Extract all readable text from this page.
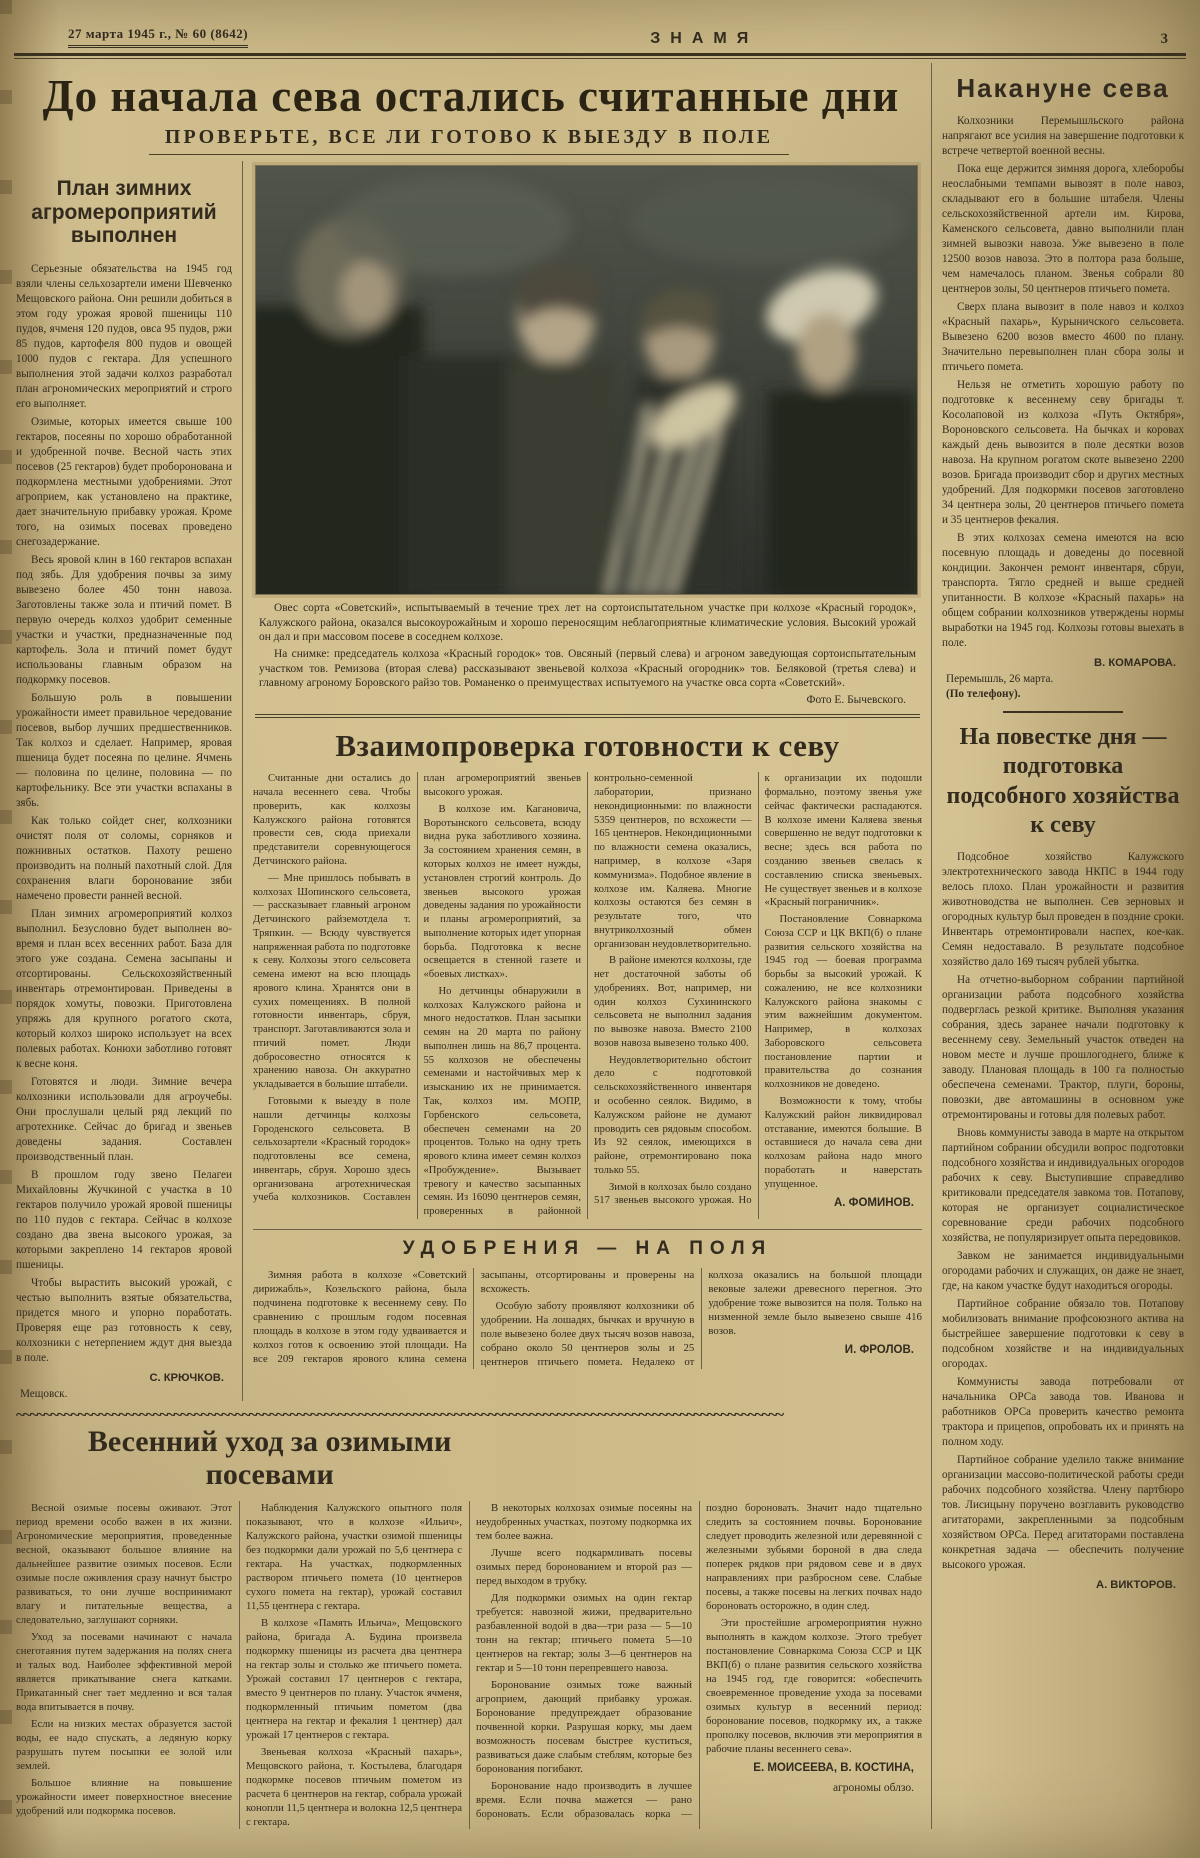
27 марта 1945 г., № 60 (8642)	ЗНАМЯ	3
До начала сева остались считанные дни
ПРОВЕРЬТЕ, ВСЕ ЛИ ГОТОВО К ВЫЕЗДУ В ПОЛЕ
План зимних агромероприятий выполнен

Серьезные обязательства на 1945 год взяли члены сельхозартели имени Шевченко Мещовского района. Они решили добиться в этом году урожая яровой пшеницы 110 пудов, ячменя 120 пудов, овса 95 пудов, ржи 85 пудов, картофеля 800 пудов и овощей 1000 пудов с гектара. Для успешного выполнения этой задачи колхоз разработал план агрономических мероприятий и строго его выполняет.

Озимые, которых имеется свыше 100 гектаров, посеяны по хорошо обработанной и удобренной почве. Весной часть этих посевов (25 гектаров) будет проборонована и подкормлена местными удобрениями. Этот агроприем, как установлено на практике, дает значительную прибавку урожая. Кроме того, на озимых посевах проведено снегозадержание.

Весь яровой клин в 160 гектаров вспахан под зябь. Для удобрения почвы за зиму вывезено более 450 тонн навоза. Заготовлены также зола и птичий помет. В первую очередь колхоз удобрит семенные участки и участки, предназначенные под картофель. Зола и птичий помет будут использованы главным образом на подкормку посевов.

Большую роль в повышении урожайности имеет правильное чередование посевов, выбор лучших предшественников. Так колхоз и сделает. Например, яровая пшеница будет посеяна по целине. Ячмень — половина по целине, половина — по картофельнику. Все эти участки вспаханы в зябь.

Как только сойдет снег, колхозники очистят поля от соломы, сорняков и пожнивных остатков. Пахоту решено производить на полный пахотный слой. Для сохранения влаги боронование зяби намечено провести ранней весной.

План зимних агромероприятий колхоз выполнил. Безусловно будет выполнен во-время и план всех весенних работ. База для этого уже создана. Семена засыпаны и отсортированы. Сельскохозяйственный инвентарь отремонтирован. Приведены в порядок хомуты, повозки. Приготовлена упряжь для крупного рогатого скота, который колхоз широко использует на всех полевых работах. Конюхи заботливо готовят к весне коня.

Готовятся и люди. Зимние вечера колхозники использовали для агроучебы. Они прослушали целый ряд лекций по агротехнике. Сейчас до бригад и звеньев доведены задания. Составлен производственный план.

В прошлом году звено Пелагеи Михайловны Жучкиной с участка в 10 гектаров получило урожай яровой пшеницы по 110 пудов с гектара. Сейчас в колхозе создано два звена высокого урожая, за которыми закреплено 14 гектаров яровой пшеницы.

Чтобы вырастить высокий урожай, с честью выполнить взятые обязательства, придется много и упорно поработать. Проверяя еще раз готовность к севу, колхозники с нетерпением ждут дня выезда в поле.

С. КРЮЧКОВ.

Мещовск.

Овес сорта «Советский», испытываемый в течение трех лет на сортоиспытательном участке при колхозе «Красный городок», Калужского района, оказался высокоурожайным и хорошо переносящим неблагоприятные климатические условия. Высокий урожай он дал и при массовом посеве в соседнем колхозе.

На снимке: председатель колхоза «Красный городок» тов. Овсяный (первый слева) и агроном заведующая сортоиспытательным участком тов. Ремизова (вторая слева) рассказывают звеньевой колхоза «Красный огородник» тов. Беляковой (третья слева) и главному агроному Боровского райзо тов. Романенко о преимуществах испытуемого на участке овса сорта «Советский».

Фото Е. Бычевского.

Взаимопроверка готовности к севу

Считанные дни остались до начала весеннего сева. Чтобы проверить, как колхозы Калужского района готовятся провести сев, сюда приехали представители соревнующегося Детчинского района.

— Мне пришлось побывать в колхозах Шопинского сельсовета, — рассказывает главный агроном Детчинского райземотдела т. Тряпкин. — Всюду чувствуется напряженная работа по подготовке к севу. Колхозы этого сельсовета семена имеют на всю площадь ярового клина. Хранятся они в сухих помещениях. В полной готовности инвентарь, сбруя, транспорт. Заготавливаются зола и птичий помет. Люди добросовестно относятся к хранению навоза. Он аккуратно укладывается в большие штабели.

Готовыми к выезду в поле нашли детчинцы колхозы Городенского сельсовета. В сельхозартели «Красный городок» подготовлены все семена, инвентарь, сбруя. Хорошо здесь организована агротехническая учеба колхозников. Составлен план агромероприятий звеньев высокого урожая.

В колхозе им. Кагановича, Воротынского сельсовета, всюду видна рука заботливого хозяина. За состоянием хранения семян, в которых колхоз не имеет нужды, установлен строгий контроль. До звеньев высокого урожая доведены задания по урожайности и планы агромероприятий, за выполнение которых идет упорная борьба. Подготовка к весне освещается в стенной газете и «боевых листках».

Но детчинцы обнаружили в колхозах Калужского района и много недостатков. План засыпки семян на 20 марта по району выполнен лишь на 86,7 процента. 55 колхозов не обеспечены семенами и настойчивых мер к изысканию их не принимается. Так, колхоз им. МОПР, Горбенского сельсовета, обеспечен семенами на 20 процентов. Только на одну треть ярового клина имеет семян колхоз «Пробуждение». Вызывает тревогу и качество засыпанных семян. Из 16090 центнеров семян, проверенных в районной контрольно-семенной лаборатории, признано некондиционными: по влажности 5359 центнеров, по всхожести — 165 центнеров. Некондиционными по влажности семена оказались, например, в колхозе «Заря коммунизма». Подобное явление в колхозе им. Каляева. Многие колхозы остаются без семян в результате того, что внутриколхозный обмен организован неудовлетворительно.

В районе имеются колхозы, где нет достаточной заботы об удобрениях. Вот, например, ни один колхоз Сухининского сельсовета не выполнил задания по вывозке навоза. Вместо 2100 возов навоза вывезено только 400.

Неудовлетворительно обстоит дело с подготовкой сельскохозяйственного инвентаря и особенно сеялок. Видимо, в Калужском районе не думают проводить сев рядовым способом. Из 92 сеялок, имеющихся в районе, отремонтировано пока только 55.

Зимой в колхозах было создано 517 звеньев высокого урожая. Но к организации их подошли формально, поэтому звенья уже сейчас фактически распадаются. В колхозе имени Каляева звенья совершенно не ведут подготовки к весне; здесь вся работа по созданию звеньев свелась к составлению списка звеньевых. Не существует звеньев и в колхозе «Красный пограничник».

Постановление Совнаркома Союза ССР и ЦК ВКП(б) о плане развития сельского хозяйства на 1945 год — боевая программа борьбы за высокий урожай. К сожалению, не все колхозники Калужского района знакомы с этим важнейшим документом. Например, в колхозах Заборовского сельсовета постановление партии и правительства до сознания колхозников не доведено.

Возможности к тому, чтобы Калужский район ликвидировал отставание, имеются большие. В оставшиеся до начала сева дни колхозам района надо много поработать и наверстать упущенное.

А. ФОМИНОВ.

УДОБРЕНИЯ — НА ПОЛЯ

Зимняя работа в колхозе «Советский дирижабль», Козельского района, была подчинена подготовке к весеннему севу. По сравнению с прошлым годом посевная площадь в колхозе в этом году удваивается и колхоз готов к освоению этой площади. На все 209 гектаров ярового клина семена засыпаны, отсортированы и проверены на всхожесть.

Особую заботу проявляют колхозники об удобрении. На лошадях, бычках и вручную в поле вывезено более двух тысяч возов навоза, собрано около 50 центнеров золы и 25 центнеров птичьего помета. Недалеко от колхоза оказались на большой площади вековые залежи древесного перегноя. Это удобрение тоже вывозится на поля. Только на низменной земле было вывезено свыше 416 возов.

И. ФРОЛОВ.

~~~~~
Весенний уход за озимыми посевами

Весной озимые посевы оживают. Этот период времени особо важен в их жизни. Агрономические мероприятия, проведенные весной, оказывают большое влияние на дальнейшее развитие озимых посевов. Если озимые после оживления сразу начнут быстро развиваться, то они лучше воспринимают влагу и питательные вещества, а следовательно, заглушают сорняки.

Уход за посевами начинают с начала снеготаяния путем задержания на полях снега и талых вод. Наиболее эффективной мерой является прикатывание снега катками. Прикатанный снег тает медленно и вся талая вода впитывается в почву.

Если на низких местах образуется застой воды, ее надо спускать, а ледяную корку разрушать путем посыпки ее золой или землей.

Большое влияние на повышение урожайности имеет поверхностное внесение удобрений или подкормка посевов.

Наблюдения Калужского опытного поля показывают, что в колхозе «Ильич», Калужского района, участки озимой пшеницы без подкормки дали урожай по 5,6 центнера с гектара. На участках, подкормленных раствором птичьего помета (10 центнеров сухого помета на гектар), урожай составил 11,55 центнера с гектара.

В колхозе «Память Ильича», Мещовского района, бригада А. Будина произвела подкормку пшеницы из расчета два центнера на гектар золы и столько же птичьего помета. Урожай составил 17 центнеров с гектара, вместо 9 центнеров по плану. Участок ячменя, подкормленный птичьим пометом (два центнера на гектар и фекалия 1 центнер) дал урожай 17 центнеров с гектара.

Звеньевая колхоза «Красный пахарь», Мещовского района, т. Костылева, благодаря подкормке посевов птичьим пометом из расчета 6 центнеров на гектар, собрала урожай конопли 11,5 центнера и волокна 12,5 центнера с гектара.

В некоторых колхозах озимые посеяны на неудобренных участках, поэтому подкормка их тем более важна.

Лучше всего подкармливать посевы озимых перед боронованием и второй раз — перед выходом в трубку.

Для подкормки озимых на один гектар требуется: навозной жижи, предварительно разбавленной водой в два—три раза — 5—10 тонн на гектар; птичьего помета 5—10 центнеров на гектар; золы 3—6 центнеров на гектар и 5—10 тонн перепревшего навоза.

Боронование озимых тоже важный агроприем, дающий прибавку урожая. Боронование предупреждает образование почвенной корки. Разрушая корку, мы даем возможность посевам быстрее куститься, развиваться даже слабым стеблям, которые без боронования погибают.

Боронование надо производить в лучшее время. Если почва мажется — рано бороновать. Если образовалась корка — поздно бороновать. Значит надо тщательно следить за состоянием почвы. Боронование следует проводить железной или деревянной с железными зубьями бороной в два следа поперек рядков при рядовом севе и в двух направлениях при разбросном севе. Слабые посевы, а также посевы на легких почвах надо бороновать осторожно, в один след.

Эти простейшие агромероприятия нужно выполнять в каждом колхозе. Этого требует постановление Совнаркома Союза ССР и ЦК ВКП(б) о плане развития сельского хозяйства на 1945 год, где говорится: «обеспечить своевременное проведение ухода за посевами озимых культур в весенний период: боронование посевов, подкормку их, а также прополку посевов, включив эти мероприятия в рабочие планы весеннего сева».

Е. МОИСЕЕВА, В. КОСТИНА,

агрономы облзо.

Накануне сева

Колхозники Перемышльского района напрягают все усилия на завершение подготовки к встрече четвертой военной весны.

Пока еще держится зимняя дорога, хлеборобы неослабными темпами вывозят в поле навоз, складывают его в большие штабеля. Члены сельскохозяйственной артели им. Кирова, Каменского сельсовета, давно выполнили план зимней вывозки навоза. Уже вывезено в поле 12500 возов навоза. Это в полтора раза больше, чем намечалось планом. Звенья собрали 80 центнеров золы, 50 центнеров птичьего помета.

Сверх плана вывозит в поле навоз и колхоз «Красный пахарь», Курыничского сельсовета. Вывезено 6200 возов вместо 4600 по плану. Значительно перевыполнен план сбора золы и птичьего помета.

Нельзя не отметить хорошую работу по подготовке к весеннему севу бригады т. Косолаповой из колхоза «Путь Октября», Вороновского сельсовета. На бычках и коровах каждый день вывозится в поле десятки возов навоза. На крупном рогатом скоте вывезено 2200 возов. Бригада производит сбор и других местных удобрений. Для подкормки посевов заготовлено 34 центнера золы, 20 центнеров птичьего помета и 35 центнеров фекалия.

В этих колхозах семена имеются на всю посевную площадь и доведены до посевной кондиции. Закончен ремонт инвентаря, сбруи, транспорта. Тягло средней и выше средней упитанности. В колхозе «Красный пахарь» на общем собрании колхозников утверждены нормы выработки на 1945 год. Колхозы готовы выехать в поле.

В. КОМАРОВА.

Перемышль, 26 марта.

(По телефону).

На повестке дня — подготовка подсобного хозяйства к севу

Подсобное хозяйство Калужского электротехнического завода НКПС в 1944 году велось плохо. План урожайности и развития животноводства не выполнен. Сев зерновых и огородных культур был проведен в поздние сроки. Инвентарь отремонтировали наспех, кое-как. Семян недоставало. В результате подсобное хозяйство дало 169 тысяч рублей убытка.

На отчетно-выборном собрании партийной организации работа подсобного хозяйства подверглась резкой критике. Выполняя указания собрания, здесь заранее начали подготовку к весеннему севу. Земельный участок отведен на новом месте и лучше прошлогоднего, ближе к заводу. Плановая площадь в 100 га полностью обеспечена семенами. Трактор, плуги, бороны, повозки, две автомашины в основном уже отремонтированы и готовы для полевых работ.

Вновь коммунисты завода в марте на открытом партийном собрании обсудили вопрос подготовки подсобного хозяйства и индивидуальных огородов рабочих к севу. Выступившие справедливо критиковали председателя завкома тов. Потапову, которая не организует социалистическое соревнование среди рабочих подсобного хозяйства, не популяризирует опыта передовиков.

Завком не занимается индивидуальными огородами рабочих и служащих, он даже не знает, где, на каком участке будут находиться огороды.

Партийное собрание обязало тов. Потапову мобилизовать внимание профсоюзного актива на быстрейшее завершение подготовки к севу в подсобном хозяйстве и на индивидуальных огородах.

Коммунисты завода потребовали от начальника ОРСа завода тов. Иванова и работников ОРСа проверить качество ремонта трактора и прицепов, опробовать их и принять на полном ходу.

Партийное собрание уделило также внимание организации массово-политической работы среди рабочих подсобного хозяйства. Члену партбюро тов. Лисицыну поручено возглавить руководство агитаторами, закрепленными за подсобным хозяйством ОРСа. Перед агитаторами поставлена конкретная задача — обеспечить получение высокого урожая.

А. ВИКТОРОВ.
